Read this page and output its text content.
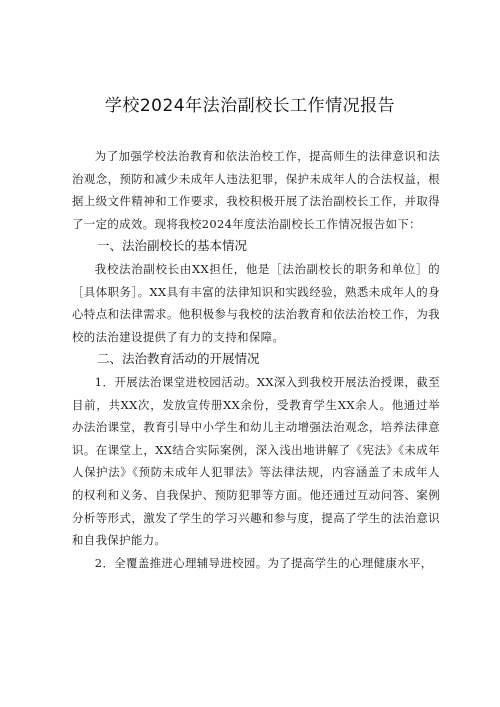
学校2024年法治副校长工作情况报告

为了加强学校法治教育和依法治校工作，提高师生的法律意识和法治观念，预防和减少未成年人违法犯罪，保护未成年人的合法权益，根据上级文件精神和工作要求，我校积极开展了法治副校长工作，并取得了一定的成效。现将我校2024年度法治副校长工作情况报告如下：

一、法治副校长的基本情况

我校法治副校长由XX担任，他是［法治副校长的职务和单位］的［具体职务］。XX具有丰富的法律知识和实践经验，熟悉未成年人的身心特点和法律需求。他积极参与我校的法治教育和依法治校工作，为我校的法治建设提供了有力的支持和保障。

二、法治教育活动的开展情况

1．开展法治课堂进校园活动。XX深入到我校开展法治授课，截至目前，共XX次，发放宣传册XX余份，受教育学生XX余人。他通过举办法治课堂，教育引导中小学生和幼儿主动增强法治观念，培养法律意识。在课堂上，XX结合实际案例，深入浅出地讲解了《宪法》《未成年人保护法》《预防未成年人犯罪法》等法律法规，内容涵盖了未成年人的权利和义务、自我保护、预防犯罪等方面。他还通过互动问答、案例分析等形式，激发了学生的学习兴趣和参与度，提高了学生的法治意识和自我保护能力。

2．全覆盖推进心理辅导进校园。为了提高学生的心理健康水平，
